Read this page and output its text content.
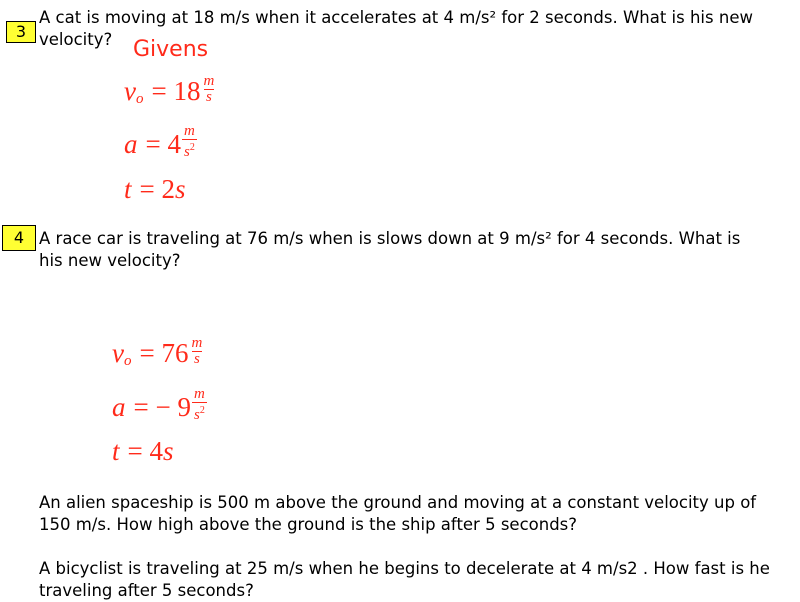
3
A cat is moving at 18 m/s when it accelerates at 4 m/s² for 2 seconds. What is his new velocity? Givens
v $o = 18 \frac{m}{s}$
$a = 4 \frac{m}{s^2}$
t = 2 s
4 A race car is traveling at 76 m/s when is slows down at 9 m/s² for 4 seconds. What is his new velocity?
v $o = 76 \frac{m}{s}$
a = − $9 \frac{m}{s^2}$
t = 4 s
An alien spaceship is 500 m above the ground and moving at a constant velocity up of 150 m/s. How high above the ground is the ship after 5 seconds?
A bicyclist is traveling at 25 m/s when he begins to decelerate at 4 m/s2 . How fast is he traveling after 5 seconds?
